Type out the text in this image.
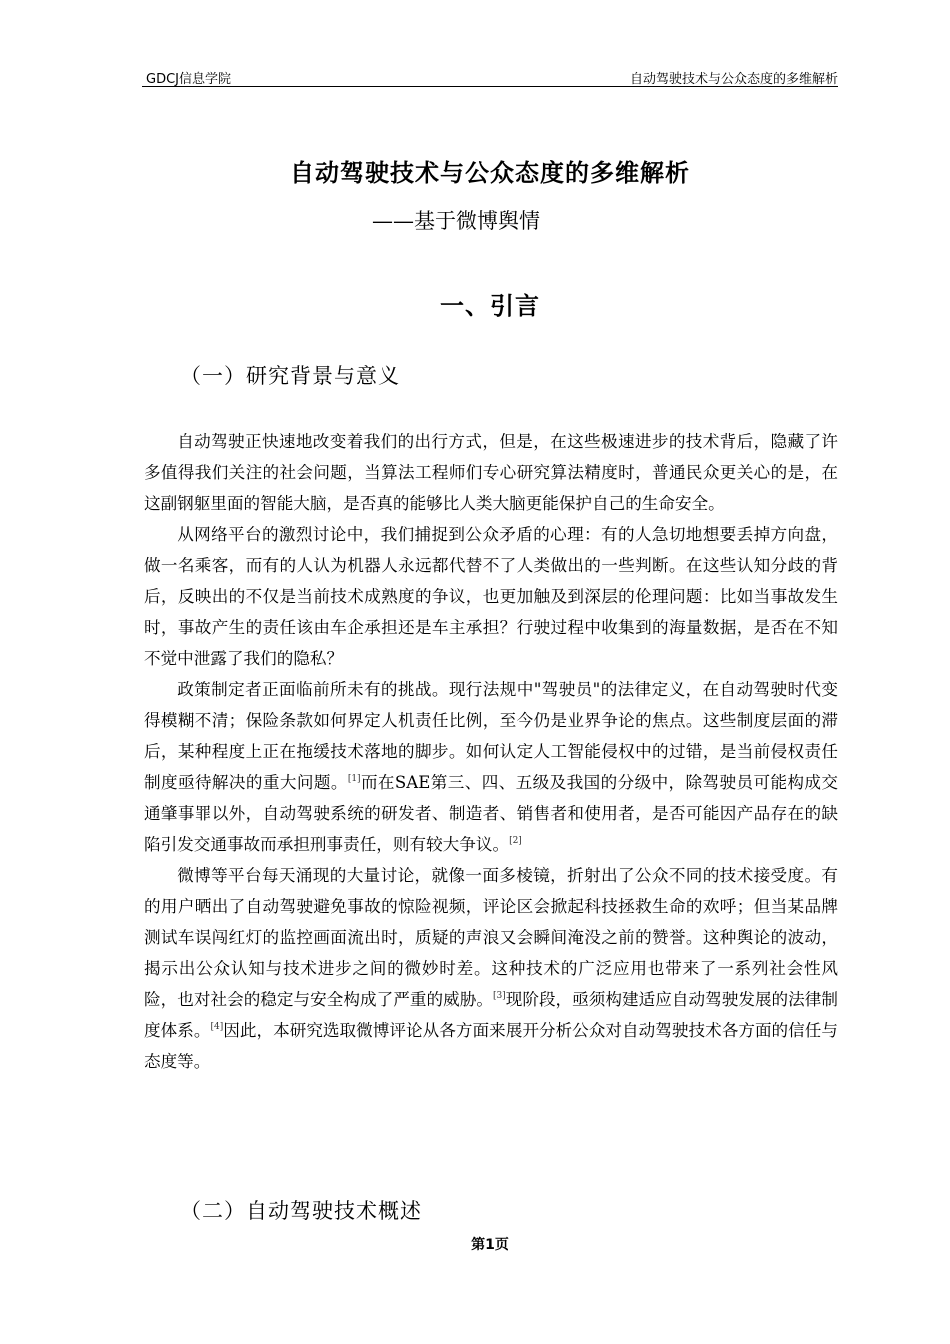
GDCJ信息学院	自动驾驶技术与公众态度的多维解析
自动驾驶技术与公众态度的多维解析
——基于微博舆情
一、引言
（一）研究背景与意义

自动驾驶正快速地改变着我们的出行方式，但是，在这些极速进步的技术背后，隐藏了许多值得我们关注的社会问题，当算法工程师们专心研究算法精度时，普通民众更关心的是，在这副钢躯里面的智能大脑，是否真的能够比人类大脑更能保护自己的生命安全。

从网络平台的激烈讨论中，我们捕捉到公众矛盾的心理：有的人急切地想要丢掉方向盘，做一名乘客，而有的人认为机器人永远都代替不了人类做出的一些判断。在这些认知分歧的背后，反映出的不仅是当前技术成熟度的争议，也更加触及到深层的伦理问题：比如当事故发生时，事故产生的责任该由车企承担还是车主承担？行驶过程中收集到的海量数据，是否在不知不觉中泄露了我们的隐私？

政策制定者正面临前所未有的挑战。现行法规中"驾驶员"的法律定义，在自动驾驶时代变得模糊不清；保险条款如何界定人机责任比例，至今仍是业界争论的焦点。这些制度层面的滞后，某种程度上正在拖缓技术落地的脚步。如何认定人工智能侵权中的过错，是当前侵权责任制度亟待解决的重大问题。[1]而在SAE第三、四、五级及我国的分级中，除驾驶员可能构成交通肇事罪以外，自动驾驶系统的研发者、制造者、销售者和使用者，是否可能因产品存在的缺陷引发交通事故而承担刑事责任，则有较大争议。[2]

微博等平台每天涌现的大量讨论，就像一面多棱镜，折射出了公众不同的技术接受度。有的用户晒出了自动驾驶避免事故的惊险视频，评论区会掀起科技拯救生命的欢呼；但当某品牌测试车误闯红灯的监控画面流出时，质疑的声浪又会瞬间淹没之前的赞誉。这种舆论的波动，揭示出公众认知与技术进步之间的微妙时差。这种技术的广泛应用也带来了一系列社会性风险，也对社会的稳定与安全构成了严重的威胁。[3]现阶段，亟须构建适应自动驾驶发展的法律制度体系。[4]因此，本研究选取微博评论从各方面来展开分析公众对自动驾驶技术各方面的信任与态度等。

（二）自动驾驶技术概述
第1页
